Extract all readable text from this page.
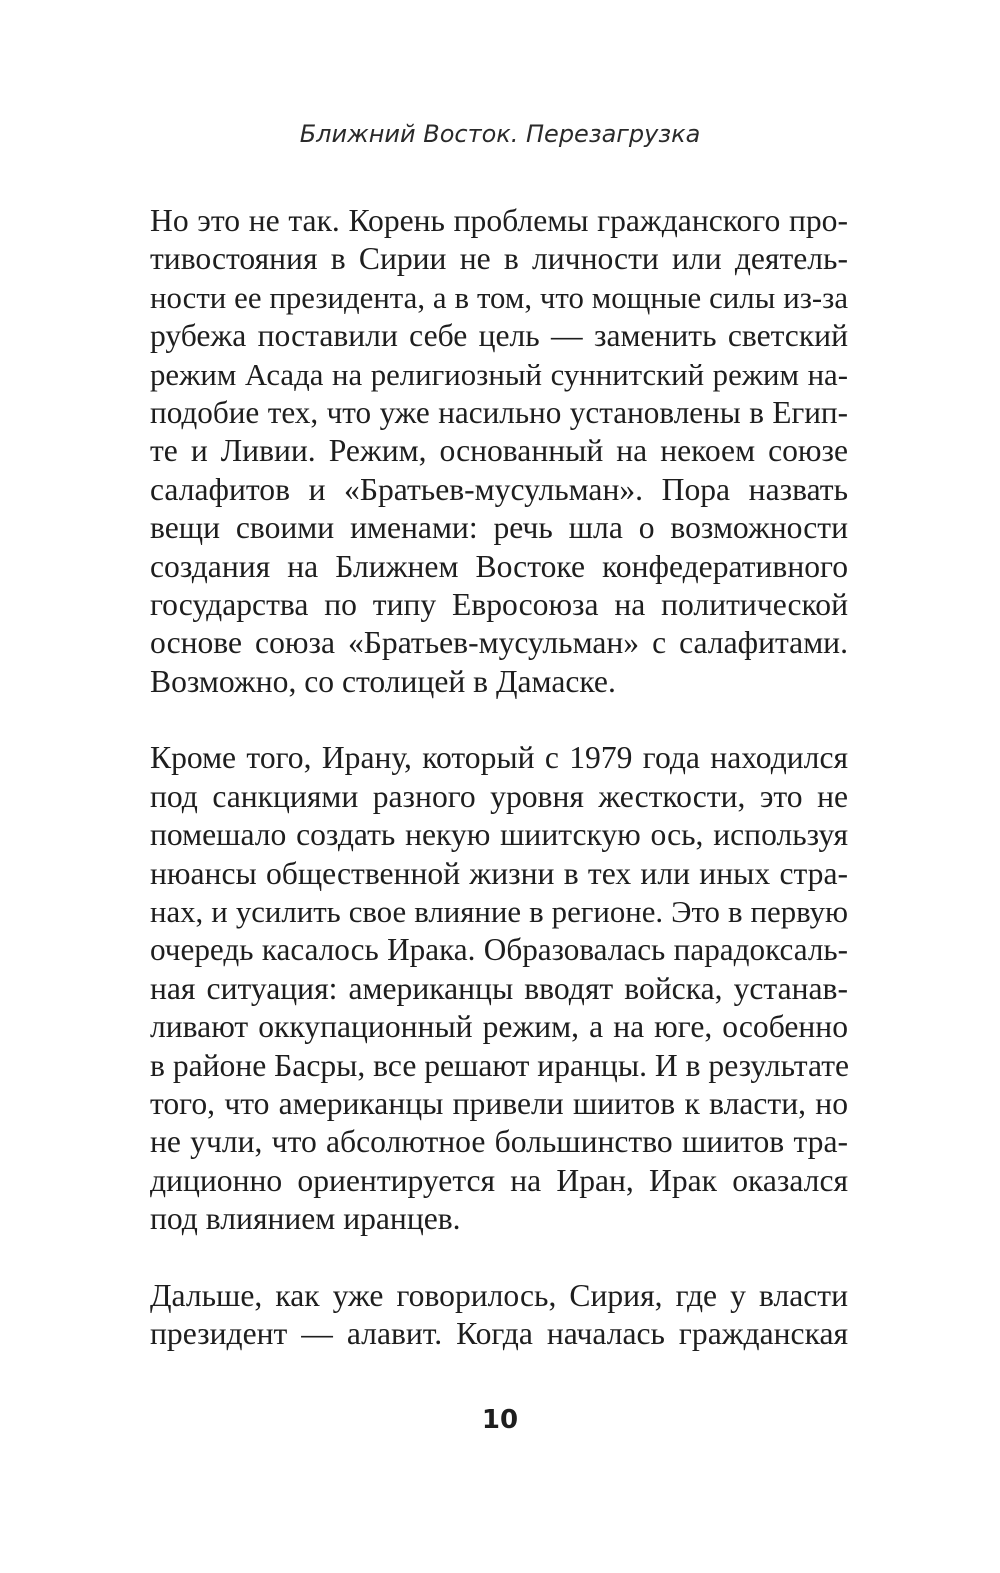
Ближний Восток. Перезагрузка

Но это не так. Корень проблемы гражданского про-
тивостояния в Сирии не в личности или деятель-
ности ее президента, а в том, что мощные силы из-за
рубежа поставили себе цель — заменить светский
режим Асада на религиозный суннитский режим на-
подобие тех, что уже насильно установлены в Егип-
те и Ливии. Режим, основанный на некоем союзе
салафитов и «Братьев-мусульман». Пора назвать
вещи своими именами: речь шла о возможности
создания на Ближнем Востоке конфедеративного
государства по типу Евросоюза на политической
основе союза «Братьев-мусульман» с салафитами.
Возможно, со столицей в Дамаске.

Кроме того, Ирану, который с 1979 года находился
под санкциями разного уровня жесткости, это не
помешало создать некую шиитскую ось, используя
нюансы общественной жизни в тех или иных стра-
нах, и усилить свое влияние в регионе. Это в первую
очередь касалось Ирака. Образовалась парадоксаль-
ная ситуация: американцы вводят войска, устанав-
ливают оккупационный режим, а на юге, особенно
в районе Басры, все решают иранцы. И в результате
того, что американцы привели шиитов к власти, но
не учли, что абсолютное большинство шиитов тра-
диционно ориентируется на Иран, Ирак оказался
под влиянием иранцев.

Дальше, как уже говорилось, Сирия, где у власти
президент — алавит. Когда началась гражданская

10
